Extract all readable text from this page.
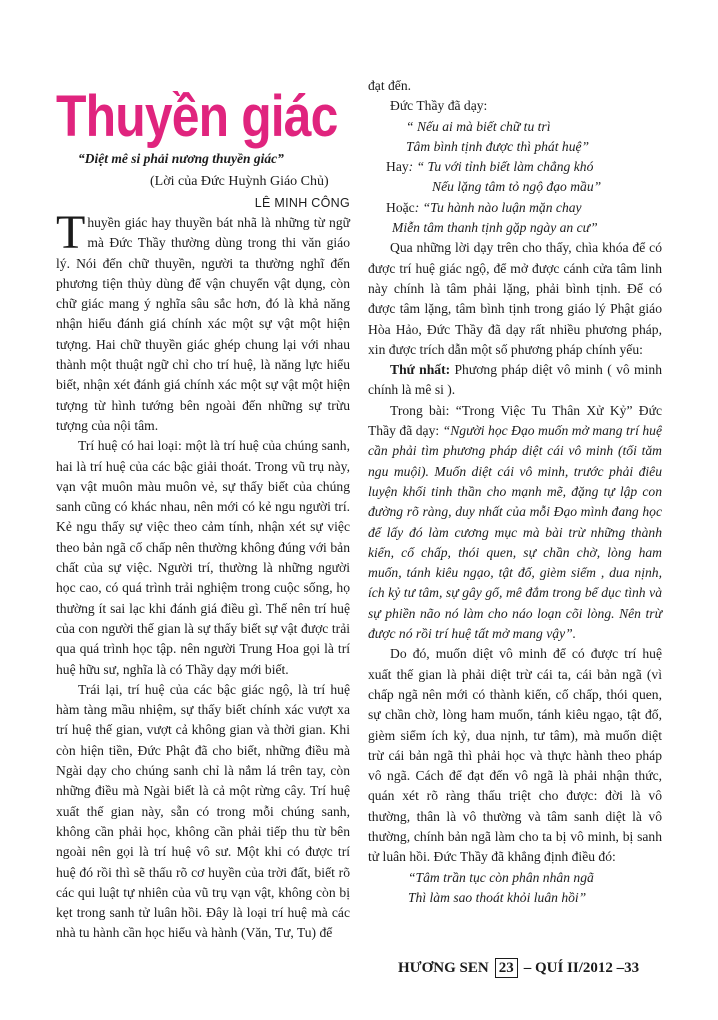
Thuyền giác
“Diệt mê si phải nương thuyền giác”
(Lời của Đức Huỳnh Giáo Chủ)
LÊ MINH CÔNG

Thuyền giác hay thuyền bát nhã là những từ ngữ mà Đức Thầy thường dùng trong thi văn giáo lý. Nói đến chữ thuyền, người ta thường nghĩ đến phương tiện thủy dùng để vận chuyển vật dụng, còn chữ giác mang ý nghĩa sâu sắc hơn, đó là khả năng nhận hiểu đánh giá chính xác một sự vật một hiện tượng. Hai chữ thuyền giác ghép chung lại với nhau thành một thuật ngữ chỉ cho trí huệ, là năng lực hiểu biết, nhận xét đánh giá chính xác một sự vật một hiện tượng từ hình tướng bên ngoài đến những sự trừu tượng của nội tâm.

Trí huệ có hai loại: một là trí huệ của chúng sanh, hai là trí huệ của các bậc giải thoát. Trong vũ trụ này, vạn vật muôn màu muôn vẻ, sự thấy biết của chúng sanh cũng có khác nhau, nên mới có kẻ ngu người trí. Kẻ ngu thấy sự việc theo cảm tính, nhận xét sự việc theo bản ngã cố chấp nên thường không đúng với bản chất của sự việc. Người trí, thường là những người học cao, có quá trình trải nghiệm trong cuộc sống, họ thường ít sai lạc khi đánh giá điều gì. Thế nên trí huệ của con người thế gian là sự thấy biết sự vật được trải qua quá trình học tập. nên người Trung Hoa gọi là trí huệ hữu sư, nghĩa là có Thầy dạy mới biết.

Trái lại, trí huệ của các bậc giác ngộ, là trí huệ hàm tàng mầu nhiệm, sự thấy biết chính xác vượt xa trí huệ thế gian, vượt cả không gian và thời gian. Khi còn hiện tiền, Đức Phật đã cho biết, những điều mà Ngài dạy cho chúng sanh chỉ là nắm lá trên tay, còn những điều mà Ngài biết là cả một rừng cây. Trí huệ xuất thế gian này, sẵn có trong mỗi chúng sanh, không cần phải học, không cần phải tiếp thu từ bên ngoài nên gọi là trí huệ vô sư. Một khi có được trí huệ đó rồi thì sẽ thấu rõ cơ huyền của trời đất, biết rõ các qui luật tự nhiên của vũ trụ vạn vật, không còn bị kẹt trong sanh tử luân hồi. Đây là loại trí huệ mà các nhà tu hành cần học hiểu và hành (Văn, Tư, Tu) để

đạt đến.

Đức Thầy đã dạy:

“ Nếu ai mà biết chữ tu trì

Tâm bình tịnh được thì phát huệ”

Hay: “ Tu với tỉnh biết làm chẳng khó

Nếu lặng tâm tỏ ngộ đạo mầu”

Hoặc: “Tu hành nào luận mặn chay

Miễn tâm thanh tịnh gặp ngày an cư”

Qua những lời dạy trên cho thấy, chìa khóa để có được trí huệ giác ngộ, để mở được cánh cửa tâm linh này chính là tâm phải lặng, phải bình tịnh. Để có được tâm lặng, tâm bình tịnh trong giáo lý Phật giáo Hòa Hảo, Đức Thầy đã dạy rất nhiều phương pháp, xin được trích dẫn một số phương pháp chính yếu:

Thứ nhất: Phương pháp diệt vô minh ( vô minh chính là mê si ).

Trong bài: “Trong Việc Tu Thân Xử Kỷ” Đức Thầy đã dạy: “Người học Đạo muốn mở mang trí huệ cần phải tìm phương pháp diệt cái vô minh (tối tăm ngu muội). Muốn diệt cái vô minh, trước phải điêu luyện khối tinh thần cho mạnh mẽ, đặng tự lập con đường rõ ràng, duy nhất của mỗi Đạo mình đang học để lấy đó làm cương mục mà bài trừ những thành kiến, cố chấp, thói quen, sự chần chờ, lòng ham muốn, tánh kiêu ngạo, tật đố, gièm siểm , dua nịnh, ích kỷ tư tâm, sự gây gổ, mê đắm trong bể dục tình và sự phiền não nó làm cho náo loạn cõi lòng. Nên trừ được nó rồi trí huệ tất mở mang vậy”.

Do đó, muốn diệt vô minh để có được trí huệ xuất thế gian là phải diệt trừ cái ta, cái bản ngã (vì chấp ngã nên mới có thành kiến, cố chấp, thói quen, sự chần chờ, lòng ham muốn, tánh kiêu ngạo, tật đố, gièm siểm ích kỷ, dua nịnh, tư tâm), mà muốn diệt trừ cái bản ngã thì phải học và thực hành theo pháp vô ngã. Cách để đạt đến vô ngã là phải nhận thức, quán xét rõ ràng thấu triệt cho được: đời là vô thường, thân là vô thường và tâm sanh diệt là vô thường, chính bản ngã làm cho ta bị vô minh, bị sanh tử luân hồi. Đức Thầy đã khẳng định điều đó:

“Tâm trần tục còn phân nhân ngã

Thì làm sao thoát khỏi luân hồi”

HƯƠNG SEN 23 – QUÍ II/2012 – 33
